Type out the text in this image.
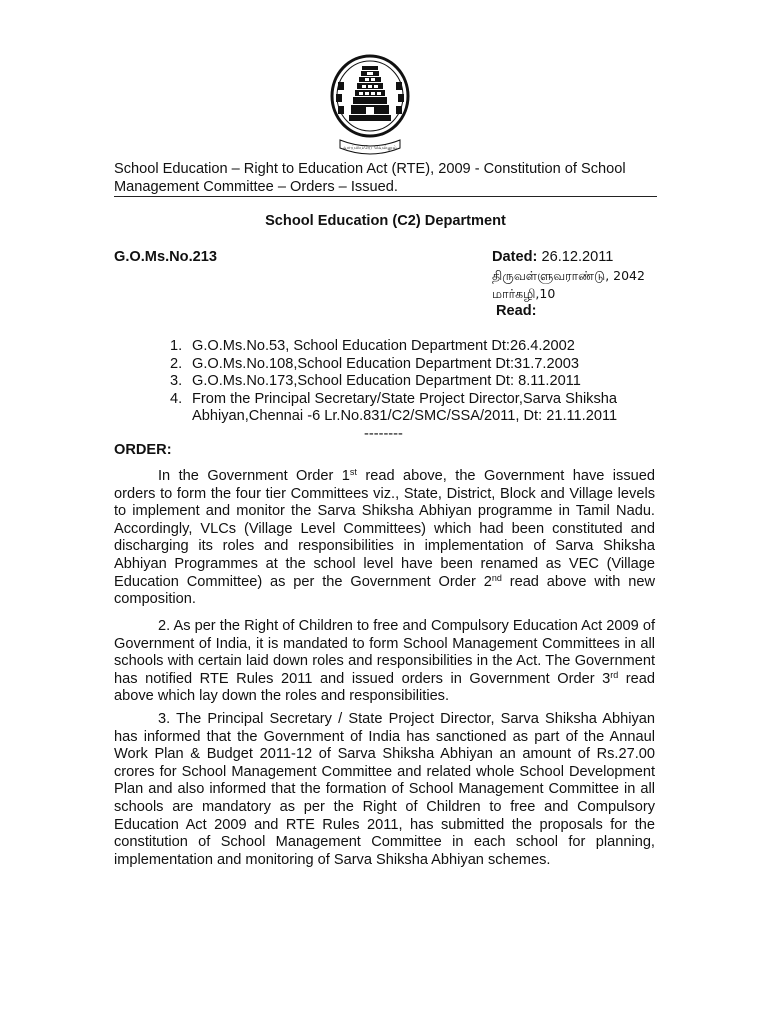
வாய்மையே வெல்லும்
School Education – Right to Education Act (RTE), 2009 - Constitution of School Management Committee – Orders – Issued.
School Education (C2) Department
G.O.Ms.No.213	Dated: 26.12.2011
திருவள்ளுவராண்டு, 2042
மார்கழி,10
Read:
1. G.O.Ms.No.53, School Education Department Dt:26.4.2002
2. G.O.Ms.No.108,School Education Department Dt:31.7.2003
3. G.O.Ms.No.173,School Education Department Dt: 8.11.2011
4. From the Principal Secretary/State Project Director,Sarva Shiksha Abhiyan,Chennai -6 Lr.No.831/C2/SMC/SSA/2011, Dt: 21.11.2011
--------
ORDER:

In the Government Order 1st read above, the Government have issued orders to form the four tier Committees viz., State, District, Block and Village levels to implement and monitor the Sarva Shiksha Abhiyan programme in Tamil Nadu. Accordingly, VLCs (Village Level Committees) which had been constituted and discharging its roles and responsibilities in implementation of Sarva Shiksha Abhiyan Programmes at the school level have been renamed as VEC (Village Education Committee) as per the Government Order 2nd read above with new composition.

2. As per the Right of Children to free and Compulsory Education Act 2009 of Government of India, it is mandated to form School Management Committees in all schools with certain laid down roles and responsibilities in the Act. The Government has notified RTE Rules 2011 and issued orders in Government Order 3rd read above which lay down the roles and responsibilities.

3. The Principal Secretary / State Project Director, Sarva Shiksha Abhiyan has informed that the Government of India has sanctioned as part of the Annaul Work Plan & Budget 2011-12 of Sarva Shiksha Abhiyan an amount of Rs.27.00 crores for School Management Committee and related whole School Development Plan and also informed that the formation of School Management Committee in all schools are mandatory as per the Right of Children to free and Compulsory Education Act 2009 and RTE Rules 2011, has submitted the proposals for the constitution of School Management Committee in each school for planning, implementation and monitoring of Sarva Shiksha Abhiyan schemes.
